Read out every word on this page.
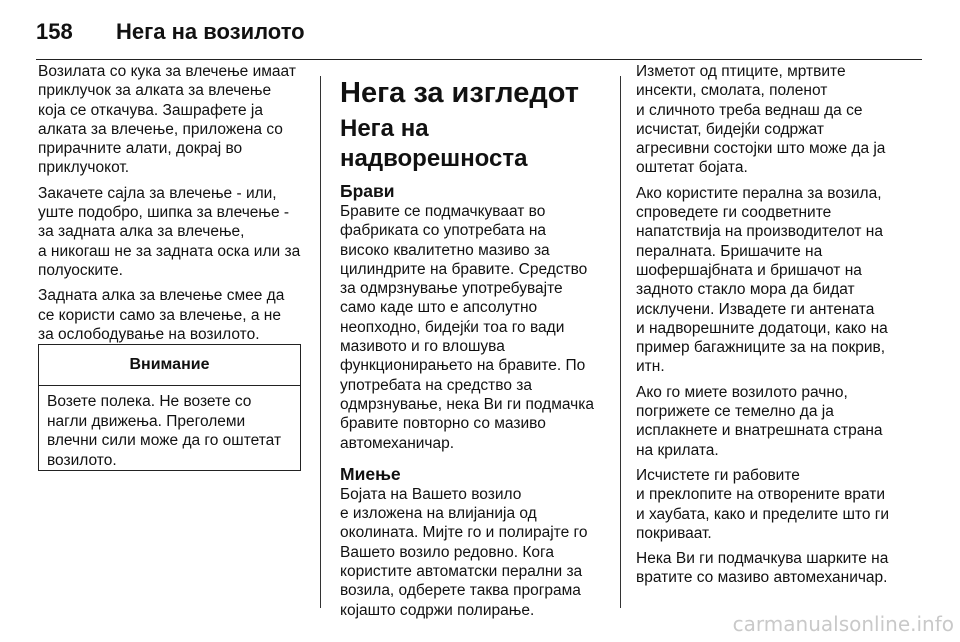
158 Нега на возилото

Возилата со кука за влечење имаат
приклучок за алката за влечење
која се откачува. Зашрафете ја
алката за влечење, приложена со
прирачните алати, докрај во
приклучокот.

Закачете сајла за влечење - или,
уште подобро, шипка за влечење -
за задната алка за влечење,
а никогаш не за задната оска или за
полуоските.

Задната алка за влечење смее да
се користи само за влечење, а не
за ослободување на возилото.

Внимание
Возете полека. Не возете со
нагли движења. Преголеми
влечни сили може да го оштетат
возилото.
Нега за изгледот
Нега на надворешноста
Брави

Бравите се подмачкуваат во
фабриката со употребата на
високо квалитетно мазиво за
цилиндрите на бравите. Средство
за одмрзнување употребувајте
само каде што е апсолутно
неопходно, бидејќи тоа го вади
мазивото и го влошува
функционирањето на бравите. По
употребата на средство за
одмрзнување, нека Ви ги подмачка
бравите повторно со мазиво
автомеханичар.

Миење

Бојата на Вашето возило
е изложена на влијанија од
околината. Мијте го и полирајте го
Вашето возило редовно. Кога
користите автоматски перални за
возила, одберете таква програма
којашто содржи полирање.

Изметот од птиците, мртвите
инсекти, смолата, поленот
и сличното треба веднаш да се
исчистат, бидејќи содржат
агресивни состојки што може да ја
оштетат бојата.

Ако користите перална за возила,
спроведете ги соодветните
напатствија на производителот на
пералната. Бришачите на
шофершајбната и бришачот на
задното стакло мора да бидат
исклучени. Извадете ги антената
и надворешните додатоци, како на
пример багажниците за на покрив,
итн.

Ако го миете возилото рачно,
погрижете се темелно да ја
исплакнете и внатрешната страна
на крилата.

Исчистете ги рабовите
и преклопите на отворените врати
и хаубата, како и пределите што ги
покриваат.

Нека Ви ги подмачкува шарките на
вратите со мазиво автомеханичар.

carmanualsonline.info
